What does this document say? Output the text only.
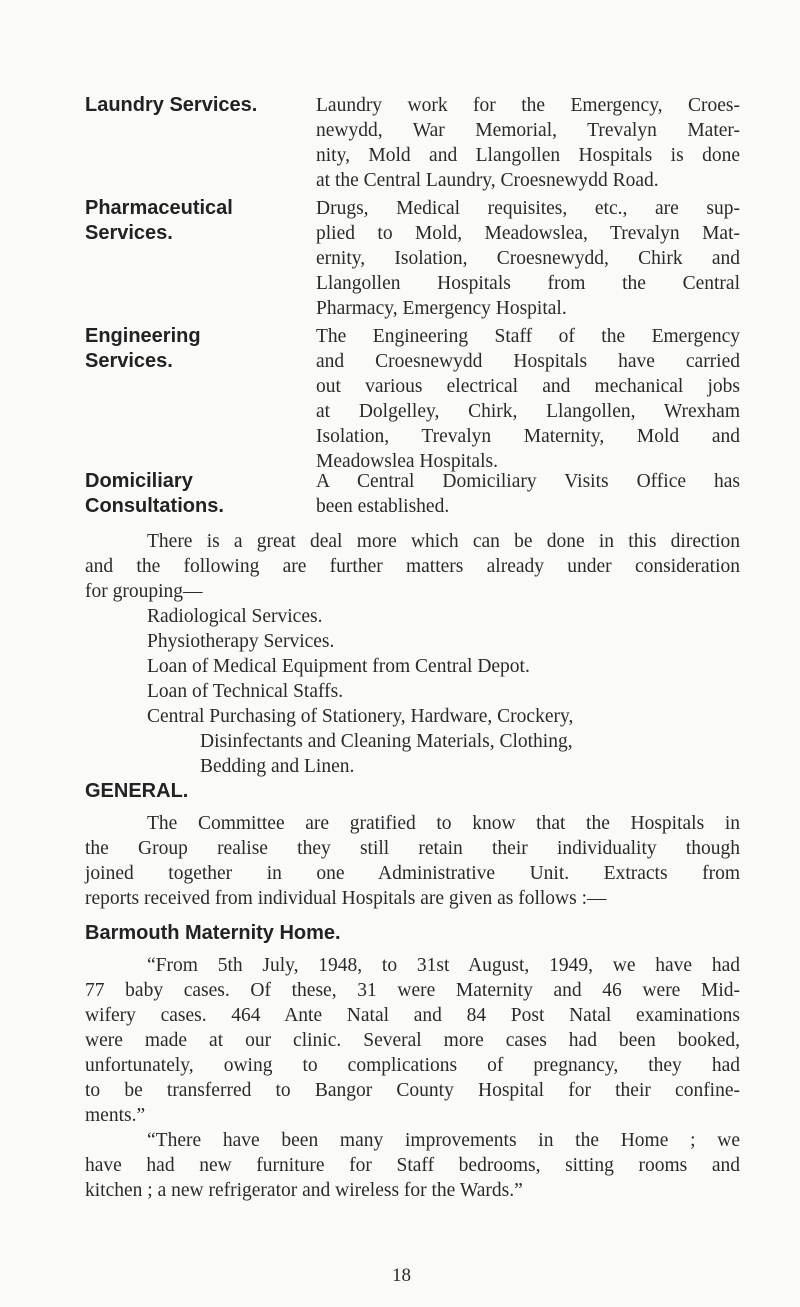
Laundry Services.	Laundry work for the Emergency, Croes-
newydd, War Memorial, Trevalyn Mater-
nity, Mold and Llangollen Hospitals is done
at the Central Laundry, Croesnewydd Road.
Pharmaceutical
Services.
Drugs, Medical requisites, etc., are sup-
plied to Mold, Meadowslea, Trevalyn Mat-
ernity, Isolation, Croesnewydd, Chirk and
Llangollen Hospitals from the Central
Pharmacy, Emergency Hospital.
Engineering
Services.
The Engineering Staff of the Emergency
and Croesnewydd Hospitals have carried
out various electrical and mechanical jobs
at Dolgelley, Chirk, Llangollen, Wrexham
Isolation, Trevalyn Maternity, Mold and
Meadowslea Hospitals.
Domiciliary
Consultations.
A Central Domiciliary Visits Office has
been established.
There is a great deal more which can be done in this direction
and the following are further matters already under consideration
for grouping—
Radiological Services.
Physiotherapy Services.
Loan of Medical Equipment from Central Depot.
Loan of Technical Staffs.
Central Purchasing of Stationery, Hardware, Crockery,
Disinfectants and Cleaning Materials, Clothing,
Bedding and Linen.
GENERAL.
The Committee are gratified to know that the Hospitals in
the Group realise they still retain their individuality though
joined together in one Administrative Unit. Extracts from
reports received from individual Hospitals are given as follows :—
Barmouth Maternity Home.
“From 5th July, 1948, to 31st August, 1949, we have had
77 baby cases. Of these, 31 were Maternity and 46 were Mid-
wifery cases. 464 Ante Natal and 84 Post Natal examinations
were made at our clinic. Several more cases had been booked,
unfortunately, owing to complications of pregnancy, they had
to be transferred to Bangor County Hospital for their confine-
ments.”
“There have been many improvements in the Home ; we
have had new furniture for Staff bedrooms, sitting rooms and
kitchen ; a new refrigerator and wireless for the Wards.”
18
